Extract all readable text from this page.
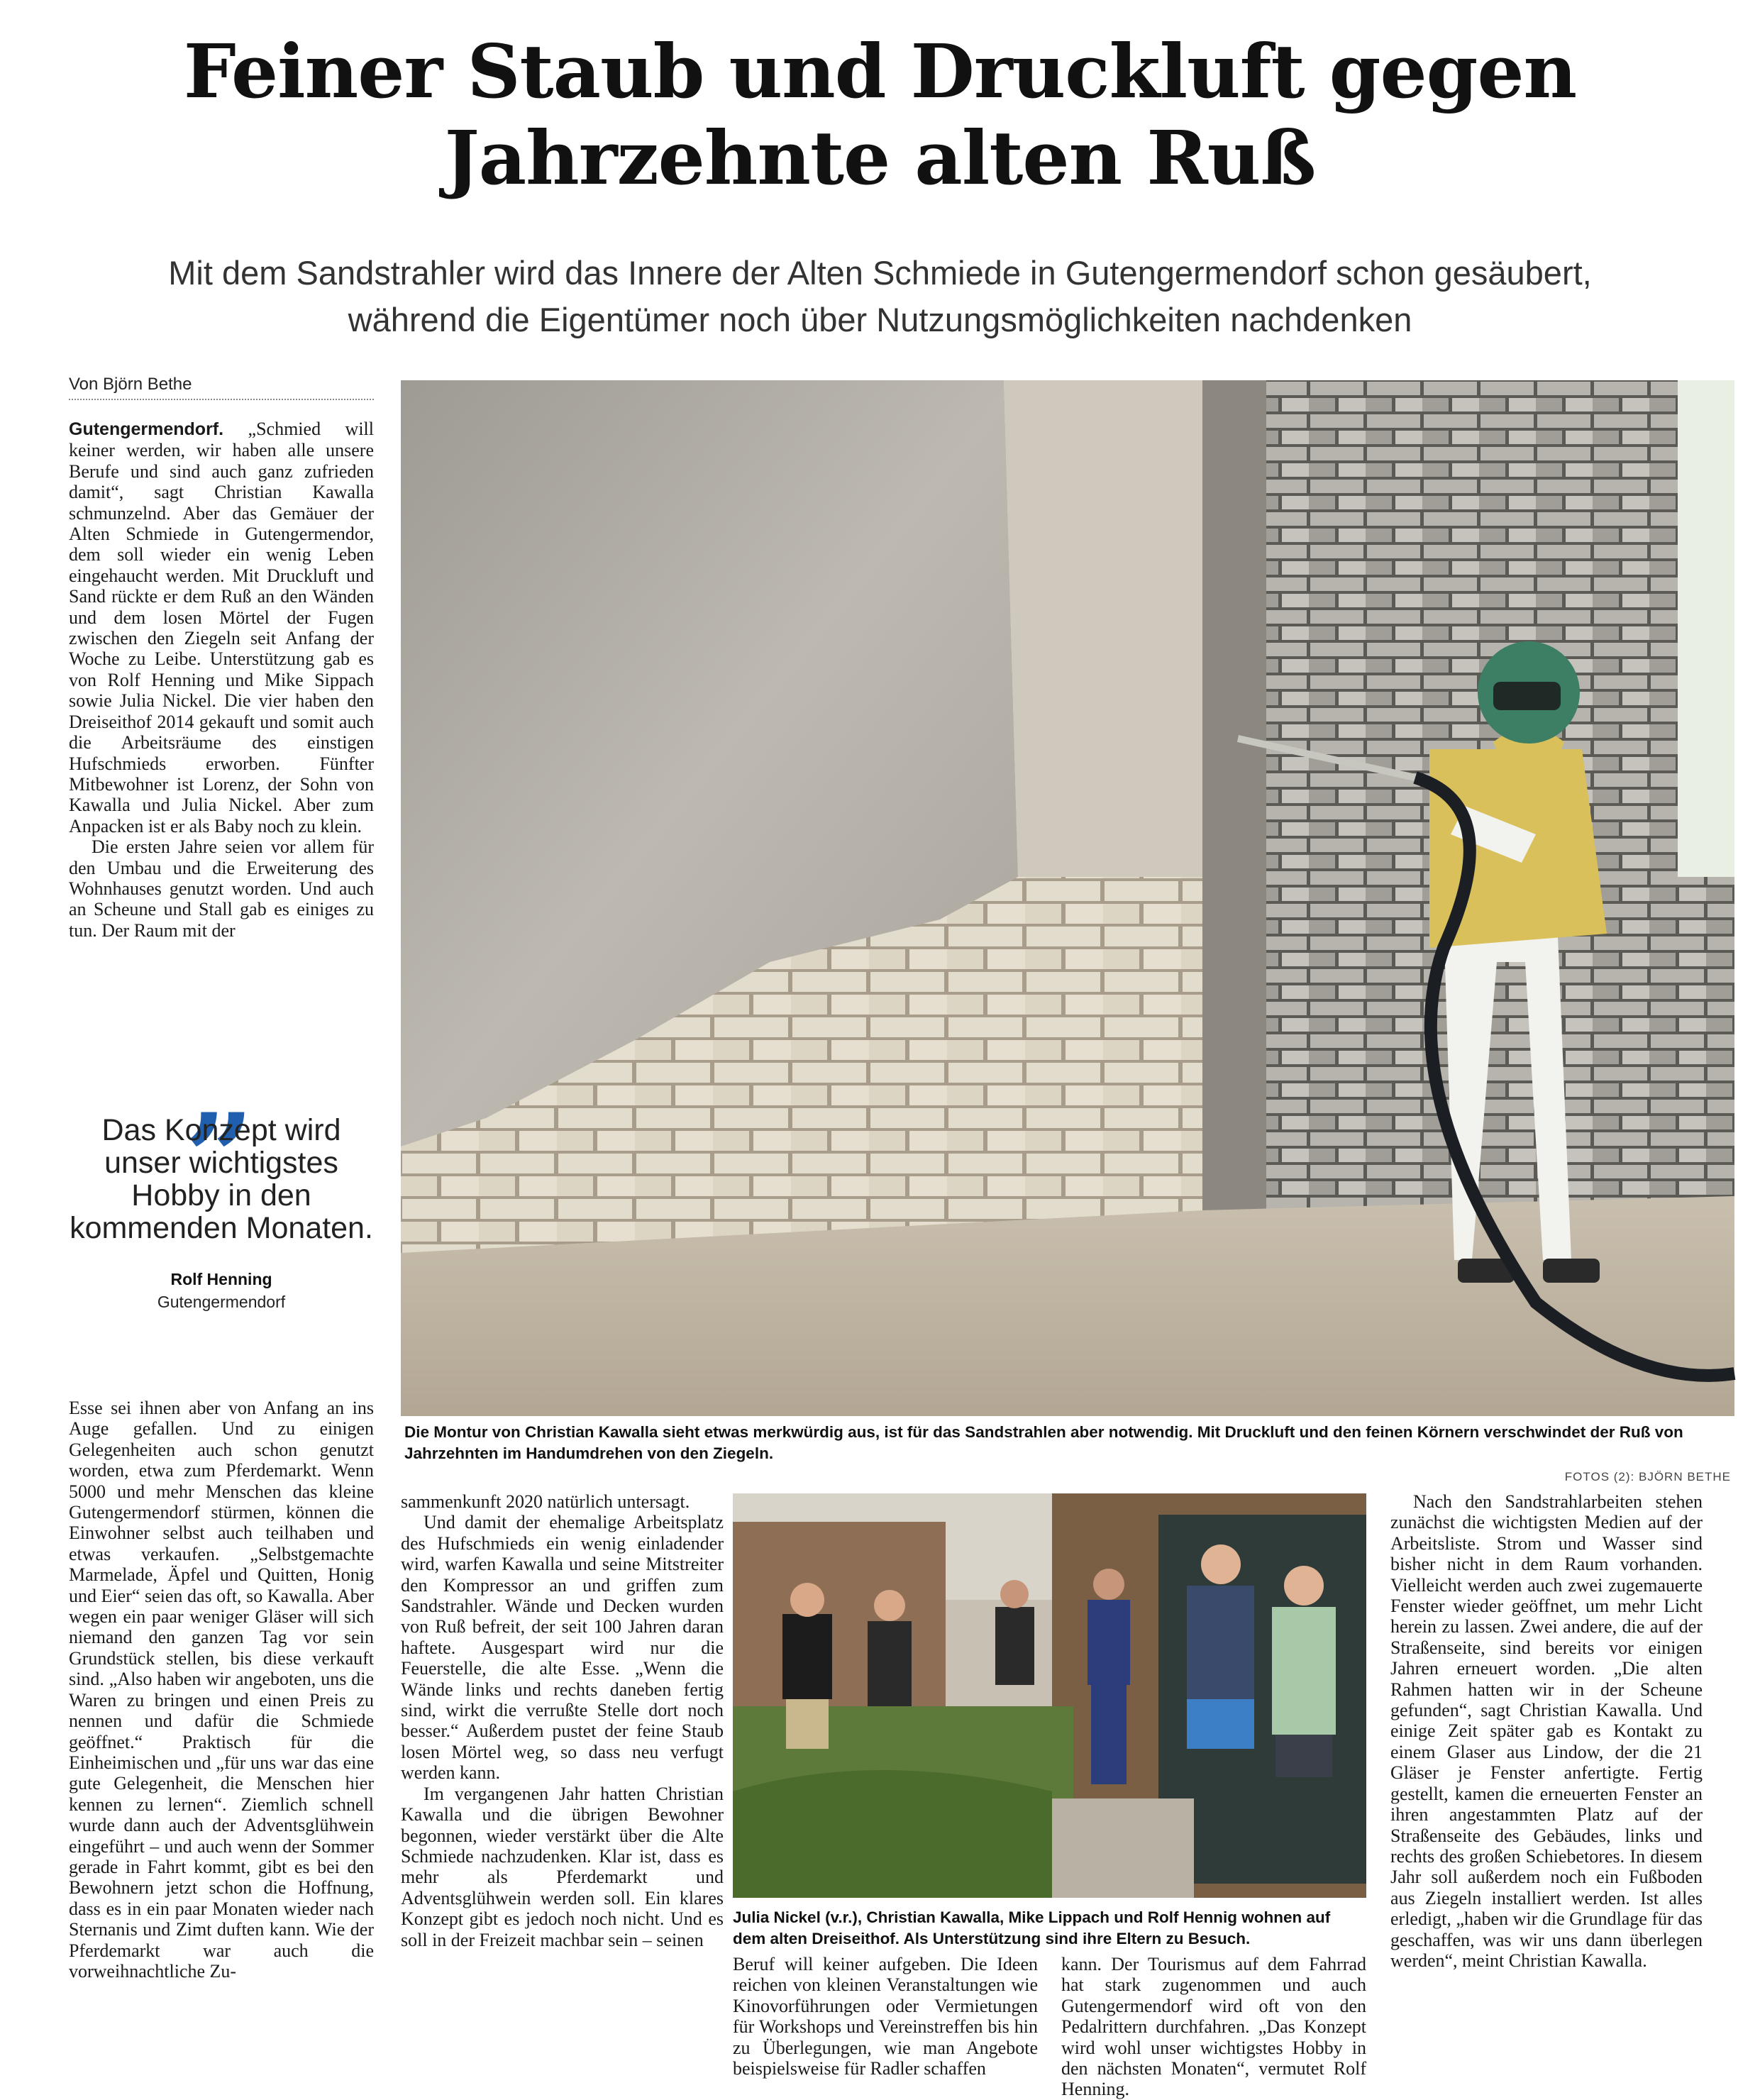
Feiner Staub und Druckluft gegen
Jahrzehnte alten Ruß
Mit dem Sandstrahler wird das Innere der Alten Schmiede in Gutengermendorf schon gesäubert,
während die Eigentümer noch über Nutzungsmöglichkeiten nachdenken
Von Björn Bethe

Gutengermendorf. „Schmied will keiner werden, wir haben alle unsere Berufe und sind auch ganz zufrieden damit“, sagt Christian Kawalla schmunzelnd. Aber das Gemäuer der Alten Schmiede in Gutengermendor, dem soll wieder ein wenig Leben eingehaucht werden. Mit Druckluft und Sand rückte er dem Ruß an den Wänden und dem losen Mörtel der Fugen zwischen den Ziegeln seit Anfang der Woche zu Leibe. Unterstützung gab es von Rolf Henning und Mike Sippach sowie Julia Nickel. Die vier haben den Dreiseithof 2014 gekauft und somit auch die Arbeitsräume des einstigen Hufschmieds erworben. Fünfter Mitbewohner ist Lorenz, der Sohn von Kawalla und Julia Nickel. Aber zum Anpacken ist er als Baby noch zu klein.

Die ersten Jahre seien vor allem für den Umbau und die Erweiterung des Wohnhauses genutzt worden. Und auch an Scheune und Stall gab es einiges zu tun. Der Raum mit der

„
Das Konzept wird unser wichtigstes Hobby in den kommenden Monaten.
Rolf Henning
Gutengermendorf

Esse sei ihnen aber von Anfang an ins Auge gefallen. Und zu einigen Gelegenheiten auch schon genutzt worden, etwa zum Pferdemarkt. Wenn 5000 und mehr Menschen das kleine Gutengermendorf stürmen, können die Einwohner selbst auch teilhaben und etwas verkaufen. „Selbstgemachte Marmelade, Äpfel und Quitten, Honig und Eier“ seien das oft, so Kawalla. Aber wegen ein paar weniger Gläser will sich niemand den ganzen Tag vor sein Grundstück stellen, bis diese verkauft sind. „Also haben wir angeboten, uns die Waren zu bringen und einen Preis zu nennen und dafür die Schmiede geöffnet.“ Praktisch für die Einheimischen und „für uns war das eine gute Gelegenheit, die Menschen hier kennen zu lernen“. Ziemlich schnell wurde dann auch der Adventsglühwein eingeführt – und auch wenn der Sommer gerade in Fahrt kommt, gibt es bei den Bewohnern jetzt schon die Hoffnung, dass es in ein paar Monaten wieder nach Sternanis und Zimt duften kann. Wie der Pferdemarkt war auch die vorweihnachtliche Zu-

Die Montur von Christian Kawalla sieht etwas merkwürdig aus, ist für das Sandstrahlen aber notwendig. Mit Druckluft und den feinen Körnern verschwindet der Ruß von Jahrzehnten im Handumdrehen von den Ziegeln.
FOTOS (2): BJÖRN BETHE

sammenkunft 2020 natürlich untersagt.

Und damit der ehemalige Arbeitsplatz des Hufschmieds ein wenig einladender wird, warfen Kawalla und seine Mitstreiter den Kompressor an und griffen zum Sandstrahler. Wände und Decken wurden von Ruß befreit, der seit 100 Jahren daran haftete. Ausgespart wird nur die Feuerstelle, die alte Esse. „Wenn die Wände links und rechts daneben fertig sind, wirkt die verrußte Stelle dort noch besser.“ Außerdem pustet der feine Staub losen Mörtel weg, so dass neu verfugt werden kann.

Im vergangenen Jahr hatten Christian Kawalla und die übrigen Bewohner begonnen, wieder verstärkt über die Alte Schmiede nachzudenken. Klar ist, dass es mehr als Pferdemarkt und Adventsglühwein werden soll. Ein klares Konzept gibt es jedoch noch nicht. Und es soll in der Freizeit machbar sein – seinen

Julia Nickel (v.r.), Christian Kawalla, Mike Lippach und Rolf Hennig wohnen auf dem alten Dreiseithof. Als Unterstützung sind ihre Eltern zu Besuch.

Beruf will keiner aufgeben. Die Ideen reichen von kleinen Veranstaltungen wie Kinovorführungen oder Vermietungen für Workshops und Vereinstreffen bis hin zu Überlegungen, wie man Angebote beispielsweise für Radler schaffen

kann. Der Tourismus auf dem Fahrrad hat stark zugenommen und auch Gutengermendorf wird oft von den Pedalrittern durchfahren. „Das Konzept wird wohl unser wichtigstes Hobby in den nächsten Monaten“, vermutet Rolf Henning.

Nach den Sandstrahlarbeiten stehen zunächst die wichtigsten Medien auf der Arbeitsliste. Strom und Wasser sind bisher nicht in dem Raum vorhanden. Vielleicht werden auch zwei zugemauerte Fenster wieder geöffnet, um mehr Licht herein zu lassen. Zwei andere, die auf der Straßenseite, sind bereits vor einigen Jahren erneuert worden. „Die alten Rahmen hatten wir in der Scheune gefunden“, sagt Christian Kawalla. Und einige Zeit später gab es Kontakt zu einem Glaser aus Lindow, der die 21 Gläser je Fenster anfertigte. Fertig gestellt, kamen die erneuerten Fenster an ihren angestammten Platz auf der Straßenseite des Gebäudes, links und rechts des großen Schiebetores. In diesem Jahr soll außerdem noch ein Fußboden aus Ziegeln installiert werden. Ist alles erledigt, „haben wir die Grundlage für das geschaffen, was wir uns dann überlegen werden“, meint Christian Kawalla.
